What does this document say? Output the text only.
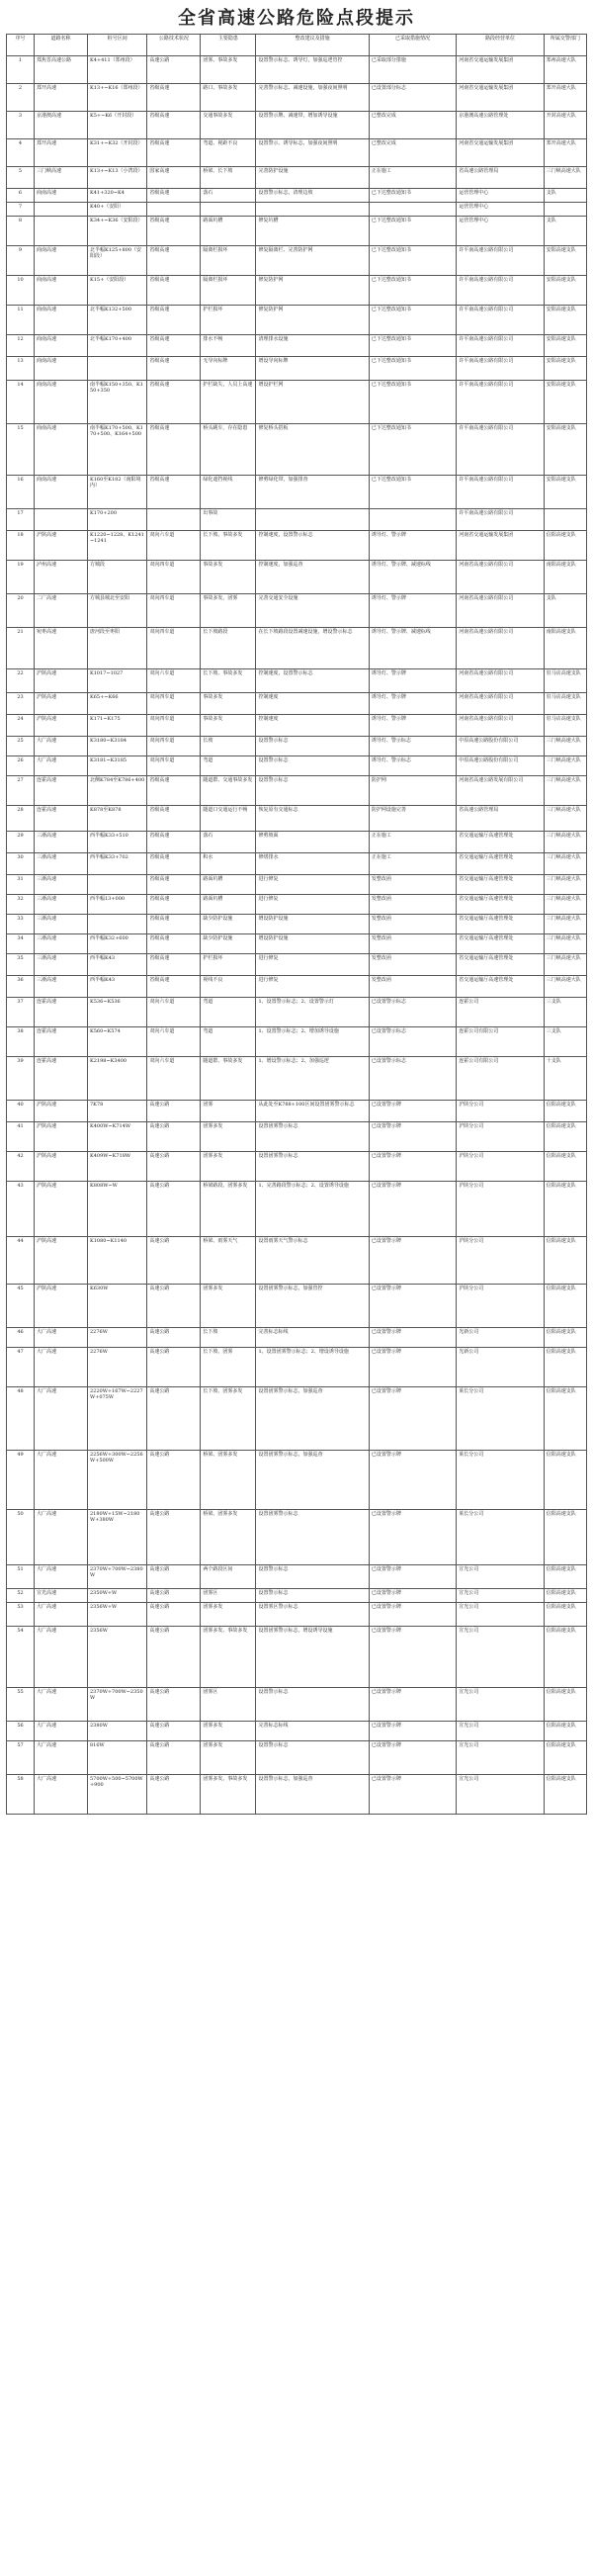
全省高速公路危险点段提示
序号	道路名称	桩号区间	公路技术状况	主要隐患	整改建议及措施	已采取措施情况	路段经营单位	所属交警部门
1	郑焦晋高速公路	K4+411（郑州段）	高速公路	团雾、事故多发	设置警示标志、诱导灯，加强巡逻管控	已采取部分措施	河南省交通运输发展集团	郑州高速大队
2	郑开高速	K13+~K16（郑州段）	省级高速	路口、事故多发	完善警示标志、减速设施，加强夜间照明	已设置部分标志	河南省交通运输发展集团	郑开高速大队
3	京港澳高速	K5+~K6（开封段）	省级高速	交通事故多发	设置警示牌、减速带，增加诱导设施	已整改完成	京港澳高速公路管理处	开封高速大队
4	郑开高速	K31+~K32（开封段）	省级高速	弯道、视距不良	设置警示、诱导标志，加强夜间照明	已整改完成	河南省交通运输发展集团	郑开高速大队
5	三门峡高速	K13+~K13（小湾段）	国家高速	桥梁、长下坡	完善防护设施	正在施工	省高速公路管理局	三门峡高速大队
6	商南高速	K41+320~K4	省级高速	落石	设置警示标志，清理边坡	已下达整改通知书	运营管理中心	支队
7		K40+（安阳）					运营管理中心	
8		K34+~K36（安阳段）	省级高速	路面坑槽	修复坑槽	已下达整改通知书	运营管理中心	支队
9	商南高速	北半幅K125+800（安阳段）	省级高速	隔离栏损坏	修复隔离栏、完善防护网	已下达整改通知书	许平南高速公路有限公司	安阳高速支队
10	商南高速	K15+（安阳段）	省级高速	隔离栏损坏	修复防护网	已下达整改通知书	许平南高速公路有限公司	安阳高速支队
11	商南高速	北半幅K132+500	省级高速	护栏损坏	修复防护网	已下达整改通知书	许平南高速公路有限公司	安阳高速支队
12	商南高速	北半幅K170+400	省级高速	排水不畅	清理排水设施	已下达整改通知书	许平南高速公路有限公司	安阳高速支队
13	商南高速		省级高速	无导向标牌	增设导向标牌	已下达整改通知书	许平南高速公路有限公司	安阳高速支队
14	商南高速	南半幅K150+350、K150+350	省级高速	护栏缺失，人员上高速	增设护栏网	已下达整改通知书	许平南高速公路有限公司	安阳高速支队
15	商南高速	南半幅K170+500、K170+500、K164+500	省级高速	桥头跳车，存在隐患	修复桥头搭板	已下达整改通知书	许平南高速公路有限公司	安阳高速支队
16	商南高速	K160至K182（南阳境内）	省级高速	绿化遮挡视线	修剪绿化带，加强排查	已下达整改通知书	许平南高速公路有限公司	安阳高速支队
17		K170+200		出事故			许平南高速公路有限公司	
18	沪陕高速	K1220~1228、K1241~1241	双向六车道	长下坡、事故多发	控制速度，设置警示标志	诱导灯、警示牌	河南省交通运输发展集团	信阳高速支队
19	泸州高速	方城段	双向四车道	事故多发	控制速度，加强巡查	诱导灯、警示牌、减速标线	河南省高速公路有限公司	南阳高速支队
20	二广高速	方城县城北至安阳	双向四车道	事故多发、团雾	完善交通安全设施	诱导灯、警示牌	河南省高速公路有限公司	支队
21	宛枣高速	唐河段至枣阳	双向四车道	长下坡路段	在长下坡路段设置减速设施，增设警示标志	诱导灯、警示牌、减速标线	河南省高速公路有限公司	南阳高速支队
22	沪陕高速	K1017~1027	双向六车道	长下坡、事故多发	控制速度，设置警示标志	诱导灯、警示牌	河南省高速公路有限公司	驻马店高速支队
23	沪陕高速	K65+~K66	双向四车道	事故多发	控制速度	诱导灯、警示牌	河南省高速公路有限公司	驻马店高速支队
24	沪陕高速	K171~K175	双向四车道	事故多发	控制速度	诱导灯、警示牌	河南省高速公路有限公司	驻马店高速支队
25	大广高速	K3180~K3184	双向四车道	长坡	设置警示标志	诱导灯、警示标志	中原高速公路股份有限公司	三门峡高速大队
26	大广高速	K3181~K3185	双向四车道	弯道	设置警示标志	诱导灯、警示标志	中原高速公路股份有限公司	三门峡高速大队
27	连霍高速	北侧K784至K786+400	省级高速	隧道群、交通事故多发	设置警示标志	防护网	河南省高速公路发展有限公司	三门峡高速大队
28	连霍高速	K878至K878	省级高速	隧道口交通运行不畅	恢复原有交通标志	防护网设施完善	省高速公路管理局	三门峡高速大队
29	三淅高速	西半幅K33+510	省级高速	落石	修剪坡面	正在施工	省交通运输厅高速管理处	三门峡高速大队
30	三淅高速	西半幅K33+702	省级高速	积水	修缮排水	正在施工	省交通运输厅高速管理处	三门峡高速大队
31	三淅高速		省级高速	路面坑槽	进行修复	发整改函	省交通运输厅高速管理处	三门峡高速大队
32	三淅高速	西半幅13+000	省级高速	路面坑槽	进行修复	发整改函	省交通运输厅高速管理处	三门峡高速大队
33	三淅高速		省级高速	缺少防护设施	增设防护设施	发整改函	省交通运输厅高速管理处	三门峡高速大队
34	三淅高速	西半幅K32+600	省级高速	缺少防护设施	增设防护设施	发整改函	省交通运输厅高速管理处	三门峡高速大队
35	三淅高速	西半幅K43	省级高速	护栏损坏	进行修复	发整改函	省交通运输厅高速管理处	三门峡高速大队
36	三淅高速	西半幅K43	省级高速	视线不良	进行修复	发整改函	省交通运输厅高速管理处	三门峡高速大队
37	连霍高速	K536~K536	双向六车道	弯道	1、设置警示标志；2、设置警示灯	已设置警示标志	连霍公司	三支队
38	连霍高速	K560~K574	双向六车道	弯道	1、设置警示标志；2、增加诱导设施	已设置警示标志	连霍公司有限公司	三支队
39	连霍高速	K2198~K3400	双向六车道	隧道群、事故多发	1、增设警示标志；2、加强巡逻	已设置警示标志	连霍公司有限公司	十支队
40	沪陕高速	7K78	高速公路	团雾	从此处至K788+100区间设置团雾警示标志	已设置警示牌	沪陕分公司	信阳高速支队
41	沪陕高速	K400W~K714W	高速公路	团雾多发	设置团雾警示标志	已设置警示牌	沪陕分公司	信阳高速支队
42	沪陕高速	K409W~K718W	高速公路	团雾多发	设置团雾警示标志	已设置警示牌	沪陕分公司	信阳高速支队
43	沪陕高速	K808W~W	高速公路	桥梁路段、团雾多发	1、完善路段警示标志；2、设置诱导设施	已设置警示牌	沪陕分公司	信阳高速支队
44	沪陕高速	K1080~K1140	高速公路	桥梁、雨雾天气	设置雨雾天气警示标志	已设置警示牌	沪陕分公司	信阳高速支队
45	沪陕高速	K630W	高速公路	团雾多发	设置团雾警示标志，加强管控	已设置警示牌	沪陕分公司	信阳高速支队
46	大广高速	2276W	高速公路	长下坡	完善标志标线	已设置警示牌	光新公司	信阳高速支队
47	大广高速	2276W	高速公路	长下坡、团雾	1、设置团雾警示标志；2、增设诱导设施	已设置警示牌	光新公司	信阳高速支队
48	大广高速	2220W+167W~2227W+075W	高速公路	长下坡、团雾多发	设置团雾警示标志，加强巡查	已设置警示牌	莱长分公司	信阳高速支队
49	大广高速	2256W+300W~2256W+500W	高速公路	桥梁、团雾多发	设置团雾警示标志，加强巡查	已设置警示牌	莱长分公司	信阳高速支队
50	大广高速	2180W+15W~2180W+380W	高速公路	桥梁、团雾多发	设置团雾警示标志	已设置警示牌	莱长分公司	信阳高速支队
51	大广高速	2370W+700W~2380W	高速公路	两个路段区间	设置警示标志	已设置警示牌	宣光公司	信阳高速支队
52	宣光高速	2350W+W	高速公路	团雾区	设置警示标志	已设置警示牌	宣光公司	信阳高速支队
53	大广高速	2356W+W	高速公路	团雾多发	设置雾区警示标志	已设置警示牌	宣光公司	信阳高速支队
54	大广高速	2356W	高速公路	团雾多发、事故多发	设置团雾警示标志，增设诱导设施	已设置警示牌	宣光公司	信阳高速支队
55	大广高速	2370W+700W~2350W	高速公路	团雾区	设置警示标志	已设置警示牌	宣光公司	信阳高速支队
56	大广高速	2380W	高速公路	团雾多发	完善标志标线	已设置警示牌	宣光公司	信阳高速支队
57	大广高速	816W	高速公路	团雾多发	设置警示标志	已设置警示牌	宣光公司	信阳高速支队
58	大广高速	5700W+500~5700W+900	高速公路	团雾多发、事故多发	设置警示标志，加强巡查	已设置警示牌	宣光公司	信阳高速支队
